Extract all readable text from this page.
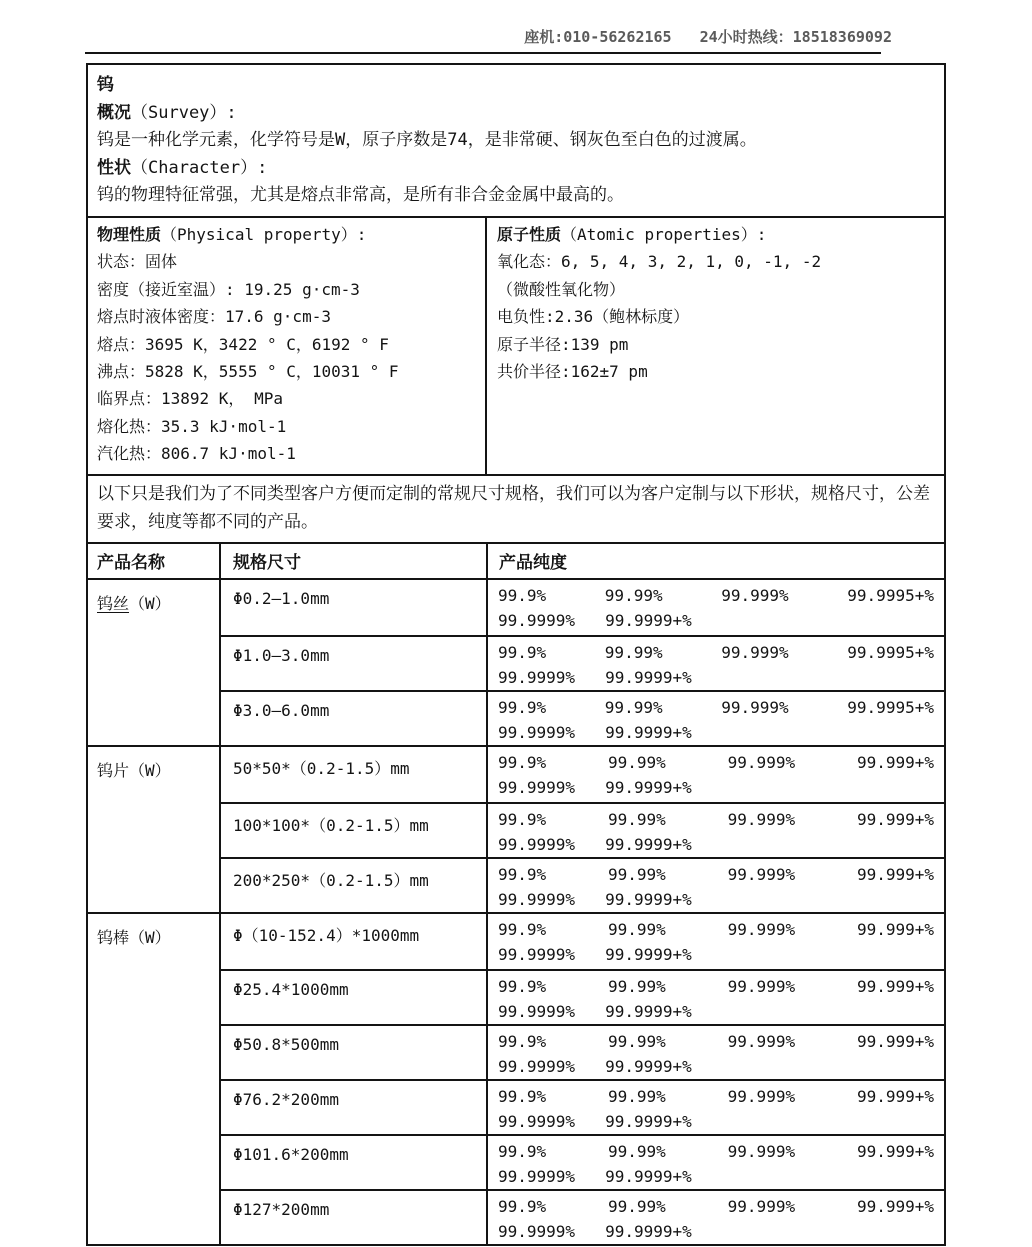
座机:010-56262165 24小时热线：18518369092
钨
概况（Survey）:
钨是一种化学元素，化学符号是W，原子序数是74，是非常硬、钢灰色至白色的过渡属。
性状（Character）:
钨的物理特征常强，尤其是熔点非常高，是所有非合金金属中最高的。
物理性质（Physical property）:
状态：固体
密度（接近室温）: 19.25 g·cm-3
熔点时液体密度：17.6 g·cm-3
熔点：3695 K，3422 ° C，6192 ° F
沸点：5828 K，5555 ° C，10031 ° F
临界点：13892 K， MPa
熔化热：35.3 kJ·mol-1
汽化热：806.7 kJ·mol-1
原子性质（Atomic properties）:
氧化态：6, 5, 4, 3, 2, 1, 0, -1, -2
（微酸性氧化物）
电负性:2.36（鲍林标度）
原子半径:139 pm
共价半径:162±7 pm
以下只是我们为了不同类型客户方便而定制的常规尺寸规格，我们可以为客户定制与以下形状，规格尺寸，公差要求，纯度等都不同的产品。
产品名称	规格尺寸	产品纯度
钨丝（W）	Φ0.2—1.0mm	99.9%	99.99%	99.999%	99.9995+%
99.9999% 99.9999+%
Φ1.0—3.0mm	99.9%	99.99%	99.999%	99.9995+%
99.9999% 99.9999+%
Φ3.0—6.0mm	99.9%	99.99%	99.999%	99.9995+%
99.9999% 99.9999+%
钨片（W）	50*50*（0.2-1.5）mm	99.9%	99.99%	99.999%	99.999+%
99.9999% 99.9999+%
100*100*（0.2-1.5）mm	99.9%	99.99%	99.999%	99.999+%
99.9999% 99.9999+%
200*250*（0.2-1.5）mm	99.9%	99.99%	99.999%	99.999+%
99.9999% 99.9999+%
钨棒（W）	Φ（10-152.4）*1000mm	99.9%	99.99%	99.999%	99.999+%
99.9999% 99.9999+%
Φ25.4*1000mm	99.9%	99.99%	99.999%	99.999+%
99.9999% 99.9999+%
Φ50.8*500mm	99.9%	99.99%	99.999%	99.999+%
99.9999% 99.9999+%
Φ76.2*200mm	99.9%	99.99%	99.999%	99.999+%
99.9999% 99.9999+%
Φ101.6*200mm	99.9%	99.99%	99.999%	99.999+%
99.9999% 99.9999+%
Φ127*200mm	99.9%	99.99%	99.999%	99.999+%
99.9999% 99.9999+%
